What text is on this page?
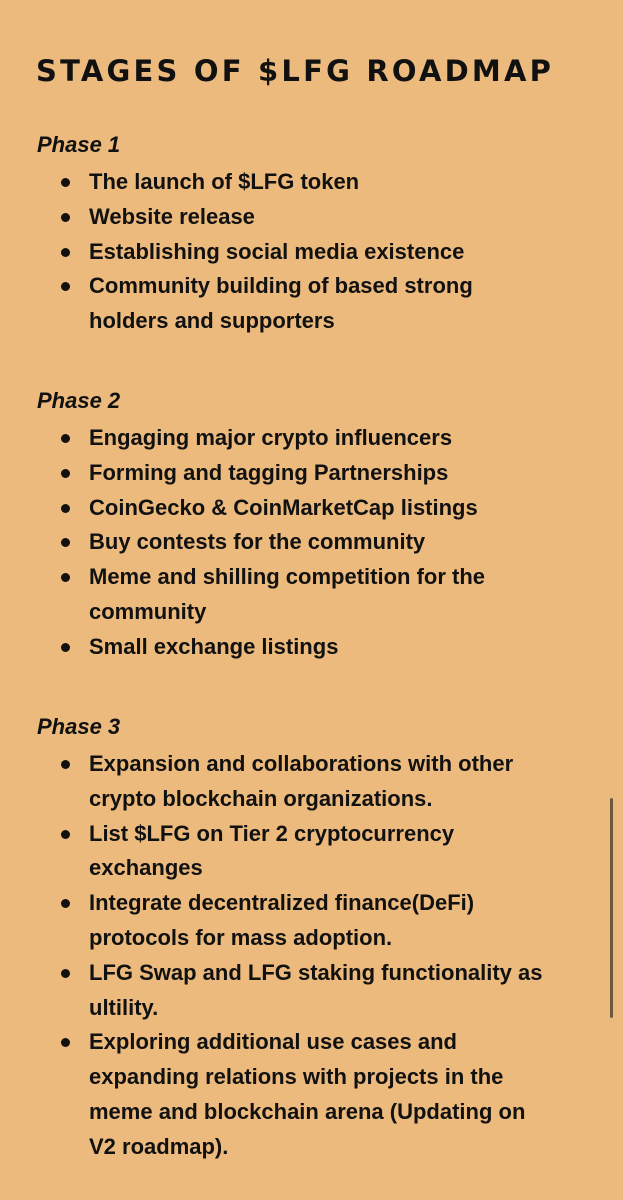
STAGES OF $LFG ROADMAP
Phase 1
The launch of $LFG token
Website release
Establishing social media existence
Community building of based strong holders and supporters
Phase 2
Engaging major crypto influencers
Forming and tagging Partnerships
CoinGecko & CoinMarketCap listings
Buy contests for the community
Meme and shilling competition for the community
Small exchange listings
Phase 3
Expansion and collaborations with other crypto blockchain organizations.
List $LFG on Tier 2 cryptocurrency exchanges
Integrate decentralized finance(DeFi) protocols for mass adoption.
LFG Swap and LFG staking functionality as ultility.
Exploring additional use cases and expanding relations with projects in the meme and blockchain arena (Updating on V2 roadmap).
